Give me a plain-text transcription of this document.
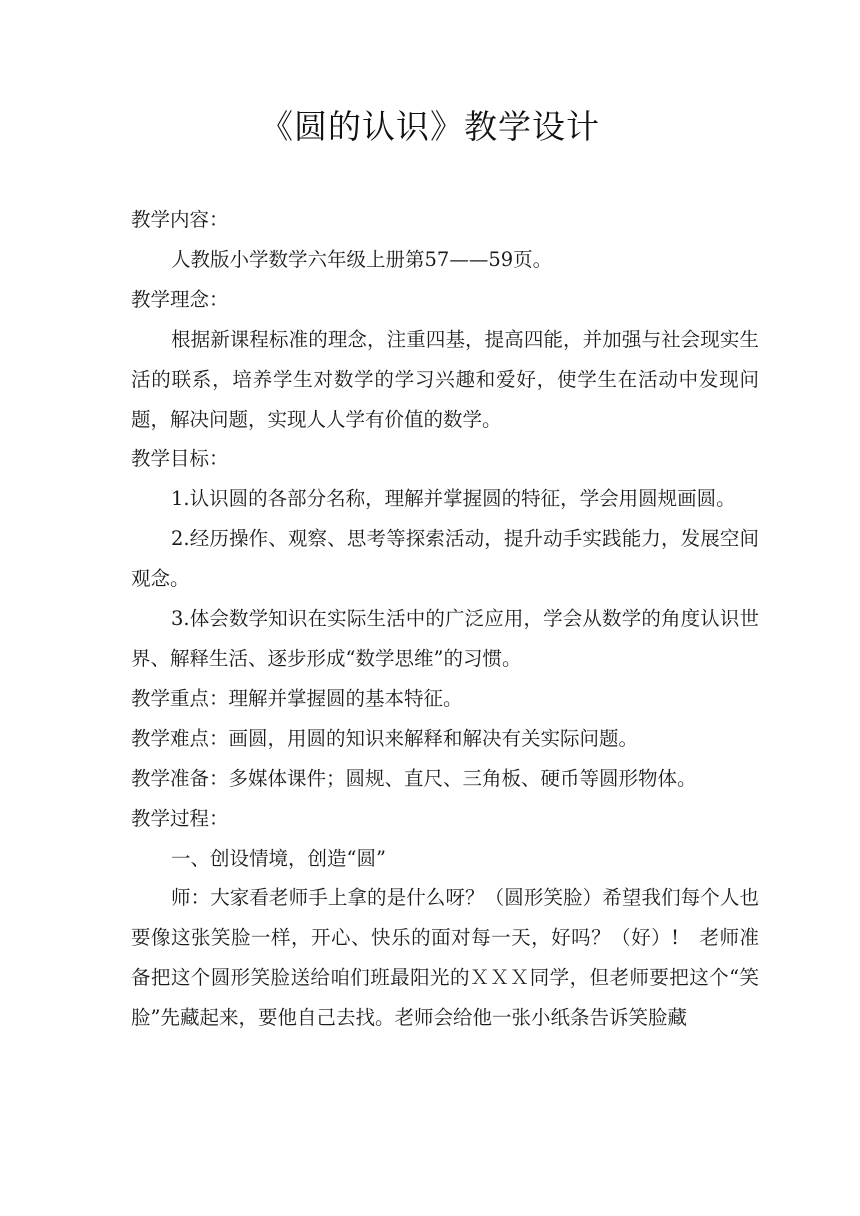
《圆的认识》教学设计

教学内容：

人教版小学数学六年级上册第57——59页。

教学理念：

根据新课程标准的理念，注重四基，提高四能，并加强与社会现实生活的联系，培养学生对数学的学习兴趣和爱好，使学生在活动中发现问题，解决问题，实现人人学有价值的数学。

教学目标：

1.认识圆的各部分名称，理解并掌握圆的特征，学会用圆规画圆。

2.经历操作、观察、思考等探索活动，提升动手实践能力，发展空间观念。

3.体会数学知识在实际生活中的广泛应用，学会从数学的角度认识世界、解释生活、逐步形成“数学思维”的习惯。

教学重点：理解并掌握圆的基本特征。

教学难点：画圆，用圆的知识来解释和解决有关实际问题。

教学准备：多媒体课件；圆规、直尺、三角板、硬币等圆形物体。

教学过程：

一、创设情境，创造“圆”

师：大家看老师手上拿的是什么呀？（圆形笑脸）希望我们每个人也要像这张笑脸一样，开心、快乐的面对每一天，好吗？（好）!　老师准备把这个圆形笑脸送给咱们班最阳光的ＸＸＸ同学，但老师要把这个“笑脸”先藏起来，要他自己去找。老师会给他一张小纸条告诉笑脸藏
